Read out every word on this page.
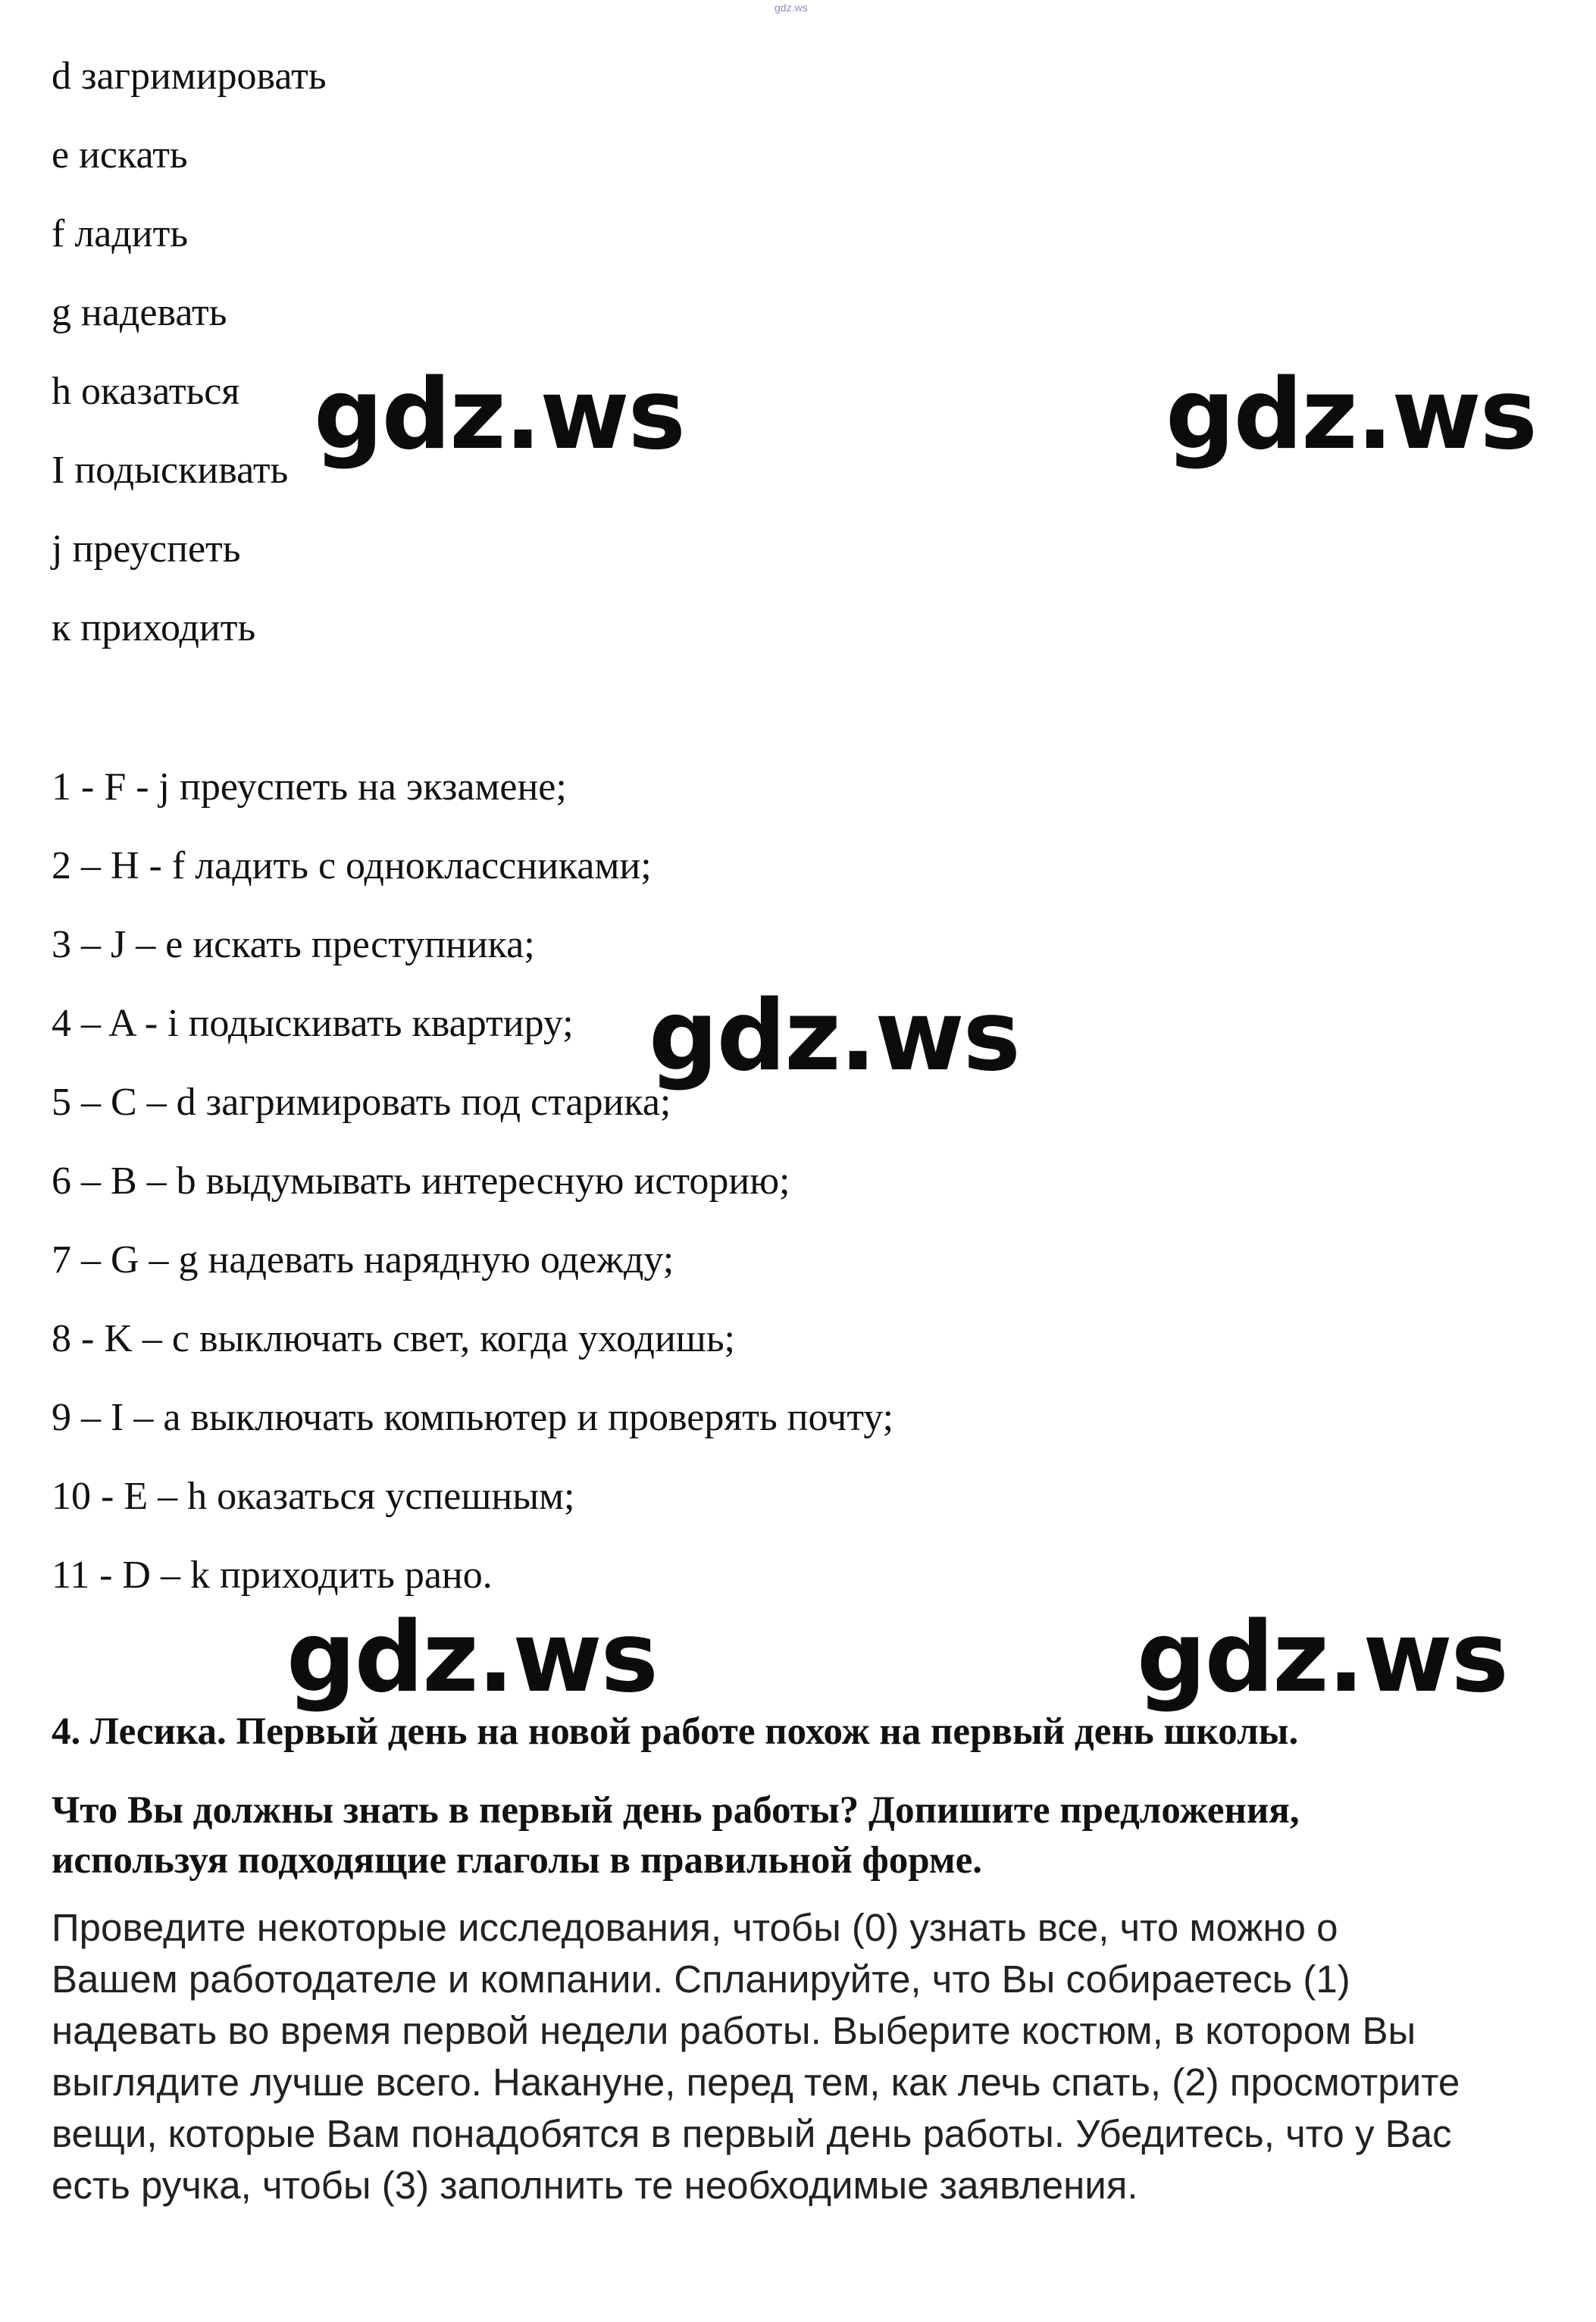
gdz.ws
d загримировать
e искать
f ладить
g надевать
h оказаться
I подыскивать
j преуспеть
к приходить
1 - F - j преуспеть на экзамене;
2 – H - f ладить с одноклассниками;
3 – J – e искать преступника;
4 – A - i подыскивать квартиру;
5 – C – d загримировать под старика;
6 – B – b выдумывать интересную историю;
7 – G – g надевать нарядную одежду;
8 - K – c выключать свет, когда уходишь;
9 – I – a выключать компьютер и проверять почту;
10 - E – h оказаться успешным;
11 - D – k приходить рано.
4. Лесика. Первый день на новой работе похож на первый день школы.
Что Вы должны знать в первый день работы? Допишите предложения,
используя подходящие глаголы в правильной форме.
Проведите некоторые исследования, чтобы (0) узнать все, что можно о
Вашем работодателе и компании. Спланируйте, что Вы собираетесь (1)
надевать во время первой недели работы. Выберите костюм, в котором Вы
выглядите лучше всего. Накануне, перед тем, как лечь спать, (2) просмотрите
вещи, которые Вам понадобятся в первый день работы. Убедитесь, что у Вас
есть ручка, чтобы (3) заполнить те необходимые заявления.
gdz.ws	gdz.ws
gdz.ws
gdz.ws	gdz.ws
